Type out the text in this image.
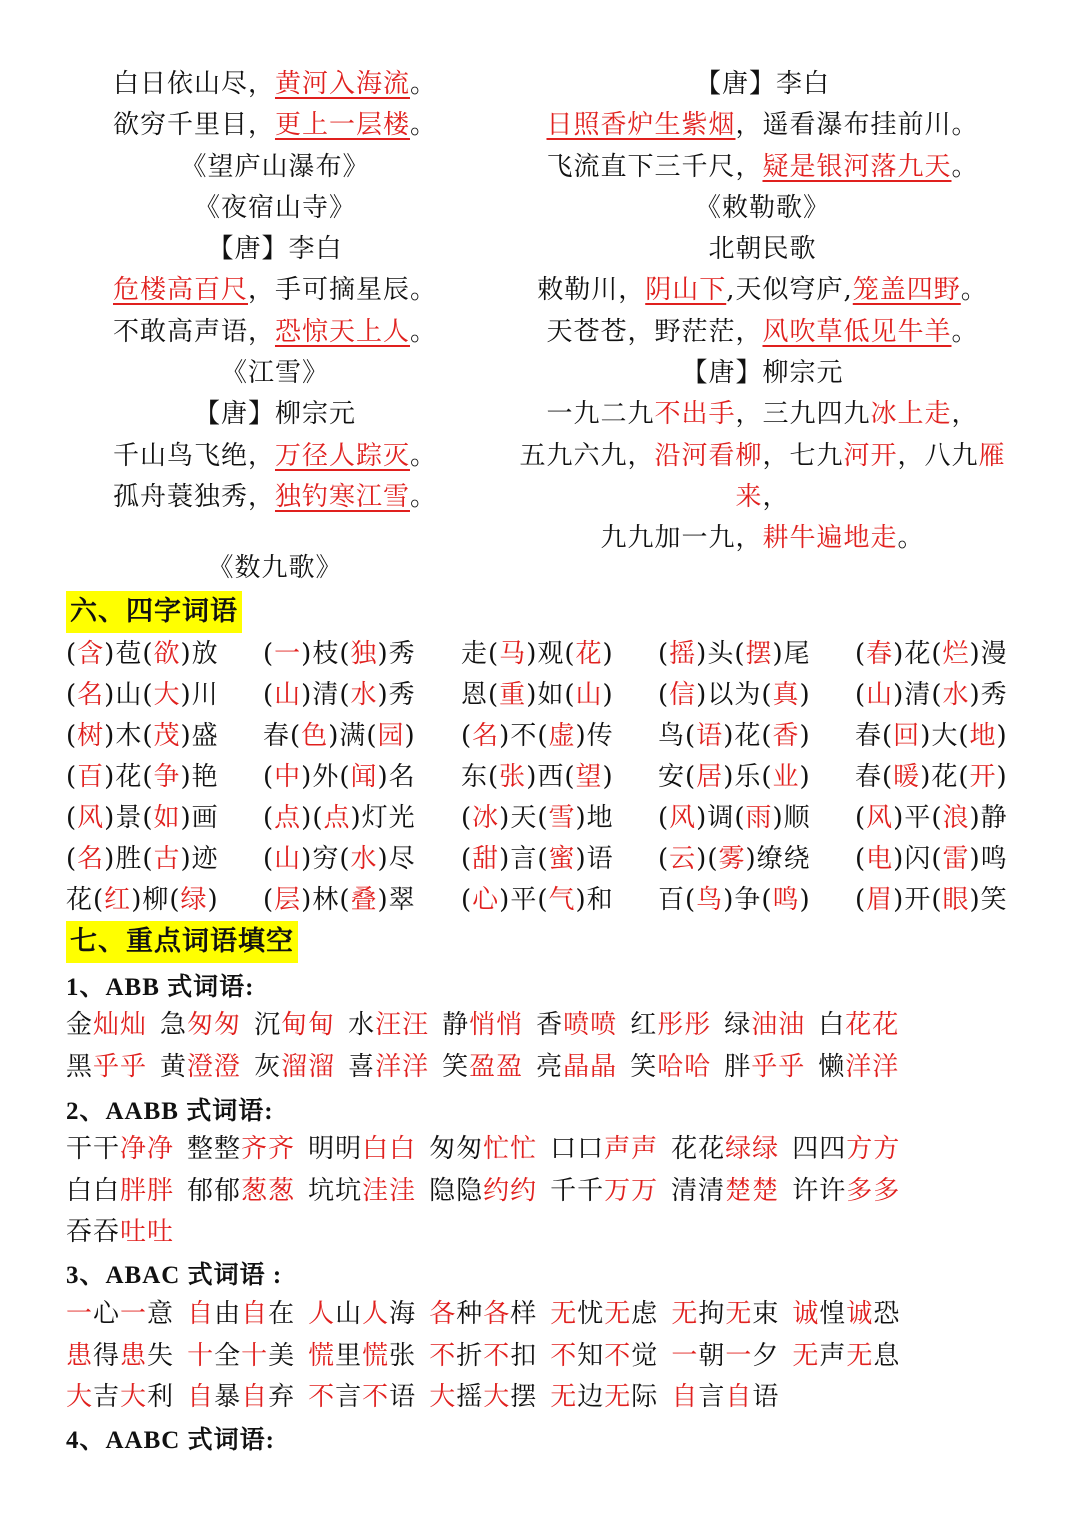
白日依山尽，黄河入海流。
欲穷千里目，更上一层楼。
《望庐山瀑布》
《夜宿山寺》
【唐】李白
危楼高百尺，手可摘星辰。
不敢高声语，恐惊天上人。
《江雪》
【唐】柳宗元
千山鸟飞绝，万径人踪灭。
孤舟蓑独秀，独钓寒江雪。
《数九歌》
【唐】李白
日照香炉生紫烟，遥看瀑布挂前川。
飞流直下三千尺，疑是银河落九天。
《敕勒歌》
北朝民歌
敕勒川，阴山下,天似穹庐,笼盖四野。
天苍苍，野茫茫，风吹草低见牛羊。
【唐】柳宗元
一九二九不出手，三九四九冰上走，
五九六九，沿河看柳，七九河开，八九雁
来，
九九加一九，耕牛遍地走。
六、四字词语
(含)苞(欲)放 (一)枝(独)秀 走(马)观(花) (摇)头(摆)尾 (春)花(烂)漫
(名)山(大)川 (山)清(水)秀 恩(重)如(山) (信)以为(真) (山)清(水)秀
(树)木(茂)盛 春(色)满(园) (名)不(虚)传 鸟(语)花(香) 春(回)大(地)
(百)花(争)艳 (中)外(闻)名 东(张)西(望) 安(居)乐(业) 春(暖)花(开)
(风)景(如)画 (点)(点)灯光 (冰)天(雪)地 (风)调(雨)顺 (风)平(浪)静
(名)胜(古)迹 (山)穷(水)尽 (甜)言(蜜)语 (云)(雾)缭绕 (电)闪(雷)鸣
花(红)柳(绿) (层)林(叠)翠 (心)平(气)和 百(鸟)争(鸣) (眉)开(眼)笑
七、重点词语填空
1、ABB 式词语:
金灿灿 急匆匆 沉甸甸 水汪汪 静悄悄 香喷喷 红彤彤 绿油油 白花花
黑乎乎 黄澄澄 灰溜溜 喜洋洋 笑盈盈 亮晶晶 笑哈哈 胖乎乎 懒洋洋
2、AABB 式词语:
干干净净 整整齐齐 明明白白 匆匆忙忙 口口声声 花花绿绿 四四方方
白白胖胖 郁郁葱葱 坑坑洼洼 隐隐约约 千千万万 清清楚楚 许许多多
吞吞吐吐
3、ABAC 式词语 :
一心一意 自由自在 人山人海 各种各样 无忧无虑 无拘无束 诚惶诚恐
患得患失 十全十美 慌里慌张 不折不扣 不知不觉 一朝一夕 无声无息
大吉大利 自暴自弃 不言不语 大摇大摆 无边无际 自言自语
4、AABC 式词语:
